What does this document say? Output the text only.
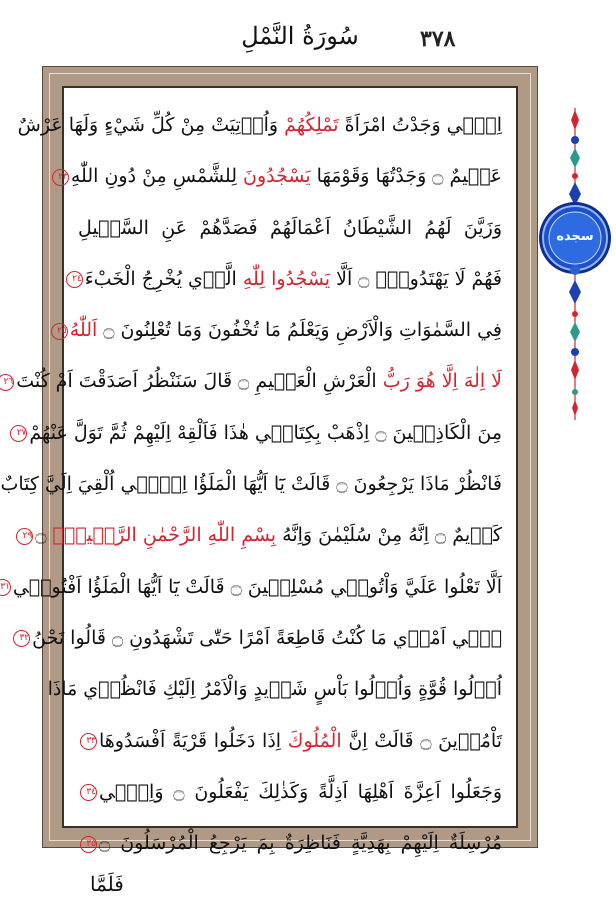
سُورَةُ النَّمْلِ	٣٧٨
اِنّ۪ي وَجَدْتُ امْرَاَةً تَمْلِكُهُمْ وَاُو۫تِيَتْ مِنْ كُلِّ شَيْءٍ وَلَهَا عَرْشٌ
عَظ۪يمٌ ۝ وَجَدْتُهَا وَقَوْمَهَا يَسْجُدُونَ لِلشَّمْسِ مِنْ دُونِ اللّٰهِ٢٣
وَزَيَّنَ لَهُمُ الشَّيْطَانُ اَعْمَالَهُمْ فَصَدَّهُمْ عَنِ السَّب۪يلِ
فَهُمْ لَا يَهْتَدُونَۙ ۝ اَلَّا يَسْجُدُوا لِلّٰهِ الَّذ۪ي يُخْرِجُ الْخَبْءَ٢٤
فِي السَّمٰوَاتِ وَالْاَرْضِ وَيَعْلَمُ مَا تُخْفُونَ وَمَا تُعْلِنُونَ ۝ اَللّٰهُ٢٥
لَا اِلٰهَ اِلَّا هُوَ رَبُّ الْعَرْشِ الْعَظ۪يمِ ۝ قَالَ سَنَنْظُرُ اَصَدَقْتَ اَمْ كُنْتَ٢٦
مِنَ الْكَاذِب۪ينَ ۝ اِذْهَبْ بِكِتَاب۪ي هٰذَا فَاَلْقِهْ اِلَيْهِمْ ثُمَّ تَوَلَّ عَنْهُمْ٢٧
فَانْظُرْ مَاذَا يَرْجِعُونَ ۝ قَالَتْ يَٓا اَيُّهَا الْمَلَؤُا اِنّ۪ٓي اُلْقِيَ اِلَيَّ كِتَابٌ
كَر۪يمٌ ۝ اِنَّهُ مِنْ سُلَيْمٰنَ وَاِنَّهُ بِسْمِ اللّٰهِ الرَّحْمٰنِ الرَّح۪يمِۙ ۝٢٩
اَلَّا تَعْلُوا عَلَيَّ وَاْتُون۪ي مُسْلِم۪ينَ ۝ قَالَتْ يَٓا اَيُّهَا الْمَلَؤُا اَفْتُون۪ي٣١
ف۪ٓي اَمْر۪ي مَا كُنْتُ قَاطِعَةً اَمْرًا حَتّٰى تَشْهَدُونِ ۝ قَالُوا نَحْنُ٣٢
اُو۬لُوا قُوَّةٍ وَاُو۬لُوا بَاْسٍ شَد۪يدٍ وَالْاَمْرُ اِلَيْكِ فَانْظُر۪ي مَاذَا
تَاْمُر۪ينَ ۝ قَالَتْ اِنَّ الْمُلُوكَ اِذَا دَخَلُوا قَرْيَةً اَفْسَدُوهَا٣٣
وَجَعَلُوا اَعِزَّةَ اَهْلِهَا اَذِلَّةً وَكَذٰلِكَ يَفْعَلُونَ ۝ وَاِنّ۪ي٣٤
مُرْسِلَةٌ اِلَيْهِمْ بِهَدِيَّةٍ فَنَاظِرَةٌ بِمَ يَرْجِعُ الْمُرْسَلُونَ ۝٣٥
فَلَمَّا
سجده
